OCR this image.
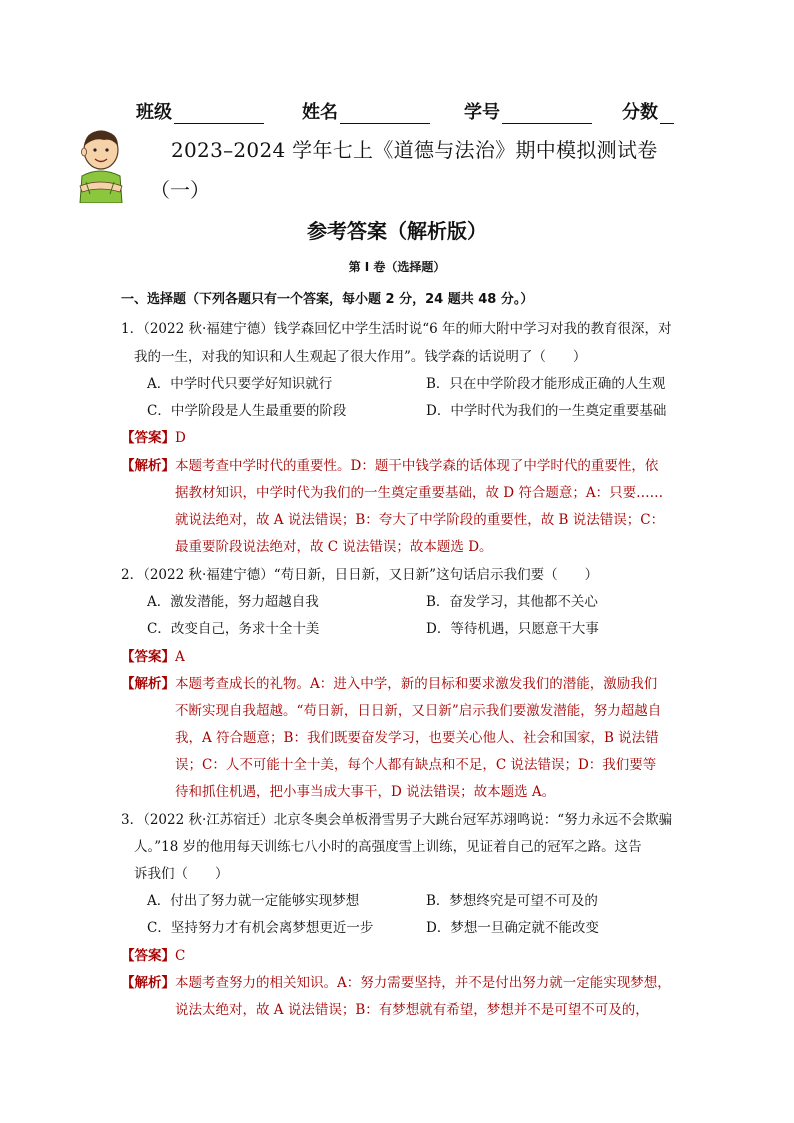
班级	姓名	学号	分数
2023–2024 学年七上《道德与法治》期中模拟测试卷
（一）
参考答案（解析版）
第 I 卷（选择题）
一、选择题（下列各题只有一个答案，每小题 2 分，24 题共 48 分。）
1．（2022 秋·福建宁德）钱学森回忆中学生活时说“6 年的师大附中学习对我的教育很深，对
我的一生，对我的知识和人生观起了很大作用”。钱学森的话说明了（　　）
A．中学时代只要学好知识就行	B．只在中学阶段才能形成正确的人生观
C．中学阶段是人生最重要的阶段	D．中学时代为我们的一生奠定重要基础
【答案】D
【解析】 本题考查中学时代的重要性。D：题干中钱学森的话体现了中学时代的重要性，依
据教材知识，中学时代为我们的一生奠定重要基础，故 D 符合题意；A：只要……
就说法绝对，故 A 说法错误；B：夸大了中学阶段的重要性，故 B 说法错误；C：
最重要阶段说法绝对，故 C 说法错误；故本题选 D。
2．（2022 秋·福建宁德）“苟日新，日日新，又日新”这句话启示我们要（　　）
A．激发潜能，努力超越自我	B．奋发学习，其他都不关心
C．改变自己，务求十全十美	D．等待机遇，只愿意干大事
【答案】A
【解析】 本题考查成长的礼物。A：进入中学，新的目标和要求激发我们的潜能，激励我们
不断实现自我超越。“苟日新，日日新，又日新”启示我们要激发潜能，努力超越自
我，A 符合题意；B：我们既要奋发学习，也要关心他人、社会和国家，B 说法错
误；C：人不可能十全十美，每个人都有缺点和不足，C 说法错误；D：我们要等
待和抓住机遇，把小事当成大事干，D 说法错误；故本题选 A。
3．（2022 秋·江苏宿迁）北京冬奥会单板滑雪男子大跳台冠军苏翊鸣说：“努力永远不会欺骗
人。”18 岁的他用每天训练七八小时的高强度雪上训练，见证着自己的冠军之路。这告
诉我们（　　）
A．付出了努力就一定能够实现梦想	B．梦想终究是可望不可及的
C．坚持努力才有机会离梦想更近一步	D．梦想一旦确定就不能改变
【答案】C
【解析】 本题考查努力的相关知识。A：努力需要坚持，并不是付出努力就一定能实现梦想，
说法太绝对，故 A 说法错误；B：有梦想就有希望，梦想并不是可望不可及的，
